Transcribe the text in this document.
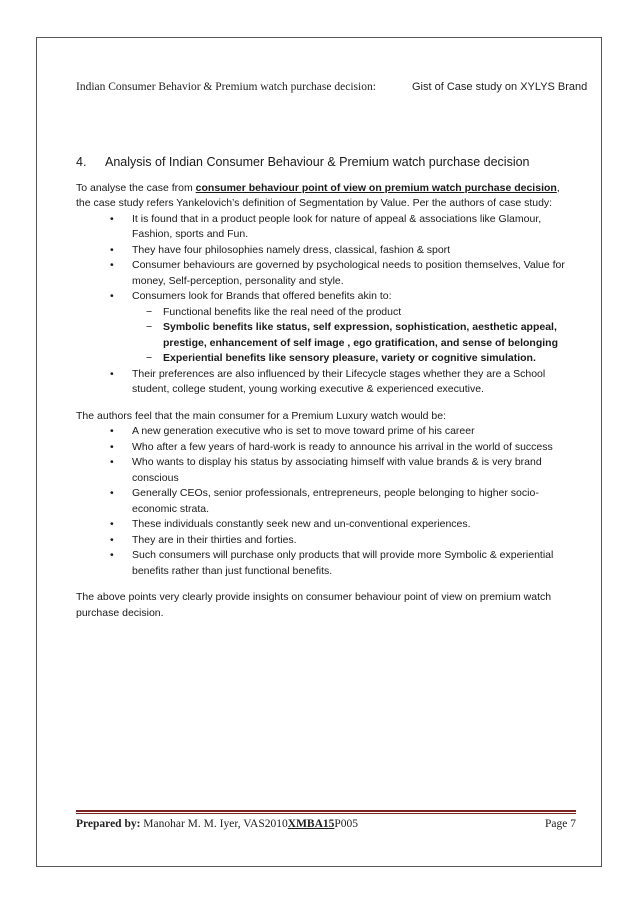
Indian Consumer Behavior & Premium watch purchase decision:	Gist of Case study on XYLYS Brand
4.	Analysis of Indian Consumer Behaviour & Premium watch purchase decision

To analyse the case from consumer behaviour point of view on premium watch purchase decision, the case study refers Yankelovich’s definition of Segmentation by Value. Per the authors of case study:

•	It is found that in a product people look for nature of appeal & associations like Glamour, Fashion, sports and Fun.
•	They have four philosophies namely dress, classical, fashion & sport
•	Consumer behaviours are governed by psychological needs to position themselves, Value for money, Self-perception, personality and style.
•	Consumers look for Brands that offered benefits akin to:
− Functional benefits like the real need of the product
− Symbolic benefits like status, self expression, sophistication, aesthetic appeal, prestige, enhancement of self image , ego gratification, and sense of belonging
− Experiential benefits like sensory pleasure, variety or cognitive simulation.
•	Their preferences are also influenced by their Lifecycle stages whether they are a School student, college student, young working executive & experienced executive.

The authors feel that the main consumer for a Premium Luxury watch would be:

•	A new generation executive who is set to move toward prime of his career
•	Who after a few years of hard-work is ready to announce his arrival in the world of success
•	Who wants to display his status by associating himself with value brands & is very brand conscious
•	Generally CEOs, senior professionals, entrepreneurs, people belonging to higher socio-economic strata.
•	These individuals constantly seek new and un-conventional experiences.
•	They are in their thirties and forties.
•	Such consumers will purchase only products that will provide more Symbolic & experiential benefits rather than just functional benefits.

The above points very clearly provide insights on consumer behaviour point of view on premium watch purchase decision.

Prepared by: Manohar M. M. Iyer, VAS2010XMBA15P005	Page 7
